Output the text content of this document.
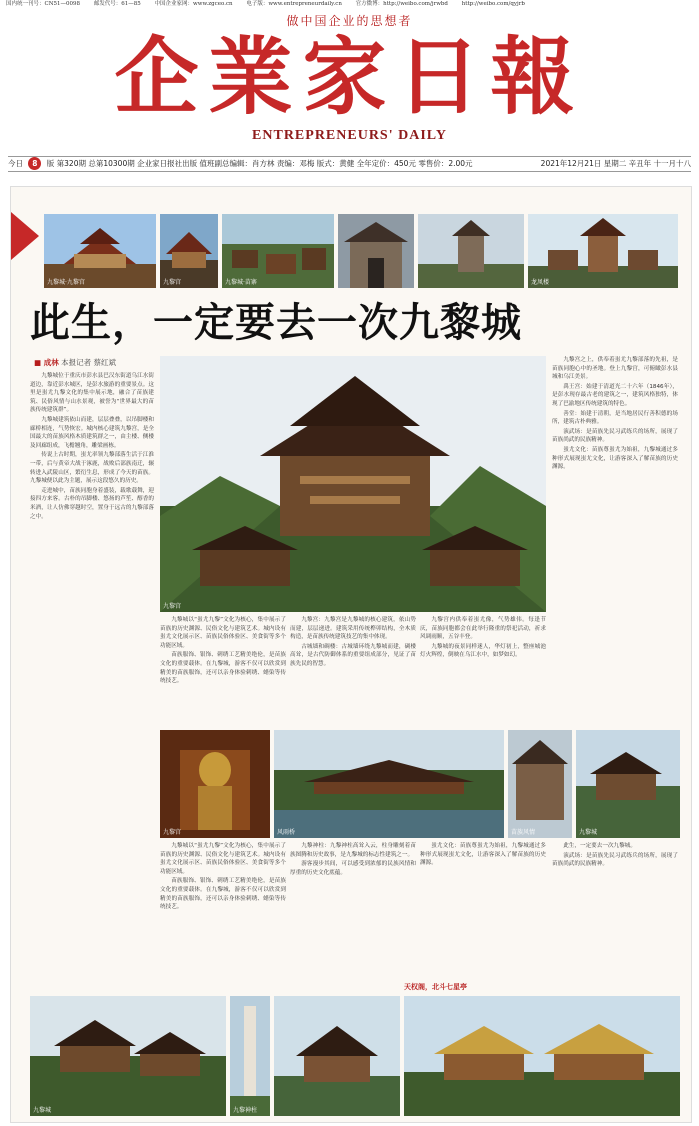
国内统一刊号：CN51—0098	邮发代号：61—85	中国企业家网：www.zgceo.cn	电子版：www.entrepreneurdaily.cn	官方微博：http://weibo.com/jrwbd	http://weibo.com/qyjrb
做中国企业的思想者
企業家日報
ENTREPRENEURS' DAILY
今日 8 版 第320期 总第10300期 企业家日报社出版 值班副总编辑：肖方林 责编：邓梅 版式：黄健 全年定价：450元 零售价：2.00元	2021年12月21日 星期二 辛丑年 十一月十八
九黎城·九黎宫	九黎宫	九黎城·苗寨	龙凤楼
此生，一定要去一次九黎城
■ 成林 本报记者 蔡红斌
九黎宫

九黎城位于重庆市彭水县巴汉东街道乌江水街道边，靠近彭水城区，是彭水旅游的重要景点。这里是蚩尤九黎文化的集中展示地，融合了苗族建筑、民俗风情与山水景观，被誉为“世界最大的苗族传统建筑群”。

九黎城建筑依山而建，层层叠叠，以吊脚楼和廊桥相连，气势恢宏。城内核心建筑九黎宫，是全国最大的苗族风格木质建筑群之一，由主楼、侧楼及回廊组成，飞檐翘角，雕梁画栋。

传说上古时期，蚩尤率领九黎部落生活于江淮一带，后与黄帝大战于涿鹿，战败后部族南迁，辗转进入武陵山区，繁衍生息，形成了今天的苗族。九黎城便以此为主题，展示这段悠久的历史。

走进城中，苗族同胞身着盛装，载歌载舞，迎接四方来客。古朴的吊脚楼、悠扬的芦笙、醇香的米酒，让人仿佛穿越时空，置身于远古的九黎部落之中。

九黎城以“蚩尤九黎”文化为核心，集中展示了苗族的历史渊源、民俗文化与建筑艺术。城内设有蚩尤文化展示区、苗族民俗体验区、美食街等多个功能区域。

苗族服饰、银饰、刺绣工艺精美绝伦，是苗族文化的重要载体。在九黎城，游客不仅可以欣赏到精美的苗族服饰，还可以亲身体验刺绣、蜡染等传统技艺。

九黎宫：九黎宫是九黎城的核心建筑，依山势而建，层层递进。建筑采用传统榫卯结构，全木质构造，是苗族传统建筑技艺的集中体现。

古城墙和碉楼：古城墙环绕九黎城而建，碉楼高耸，是古代防御体系的重要组成部分，见证了苗族先民的智慧。

九黎宫内供奉着蚩尤像，气势雄伟。每逢节庆，苗族同胞都会在此举行隆重的祭祀活动，祈求风调雨顺，五谷丰登。

九黎城的夜景同样迷人，华灯初上，整座城池灯火辉煌，倒映在乌江水中，如梦如幻。

九黎宫之上，供奉着蚩尤九黎部落的先祖，是苗族同胞心中的圣地。登上九黎宫，可俯瞰彭水县城和乌江美景。

禹王宫：始建于清道光二十六年（1846年），是彭水现存最古老的建筑之一，建筑风格独特，体现了巴渝地区传统建筑的特色。

善堂：始建于清朝，是当地居民行善积德的场所，建筑古朴典雅。

演武场：是苗族先民习武练兵的场所，展现了苗族尚武的民族精神。

蚩尤文化：苗族尊蚩尤为始祖，九黎城通过多种形式展现蚩尤文化，让游客深入了解苗族的历史渊源。

九黎宫	风雨桥	苗族风情	九黎城

九黎城以“蚩尤九黎”文化为核心，集中展示了苗族的历史渊源、民俗文化与建筑艺术。城内设有蚩尤文化展示区、苗族民俗体验区、美食街等多个功能区域。

苗族服饰、银饰、刺绣工艺精美绝伦，是苗族文化的重要载体。在九黎城，游客不仅可以欣赏到精美的苗族服饰，还可以亲身体验刺绣、蜡染等传统技艺。

九黎神柱：九黎神柱高耸入云，柱身雕刻着苗族图腾和历史故事，是九黎城的标志性建筑之一。

游客漫步其间，可以感受到浓郁的民族风情和厚重的历史文化底蕴。

蚩尤文化：苗族尊蚩尤为始祖，九黎城通过多种形式展现蚩尤文化，让游客深入了解苗族的历史渊源。

此生，一定要去一次九黎城。

演武场：是苗族先民习武练兵的场所，展现了苗族尚武的民族精神。

九黎城	九黎神柱
天权阁，北斗七星亭
